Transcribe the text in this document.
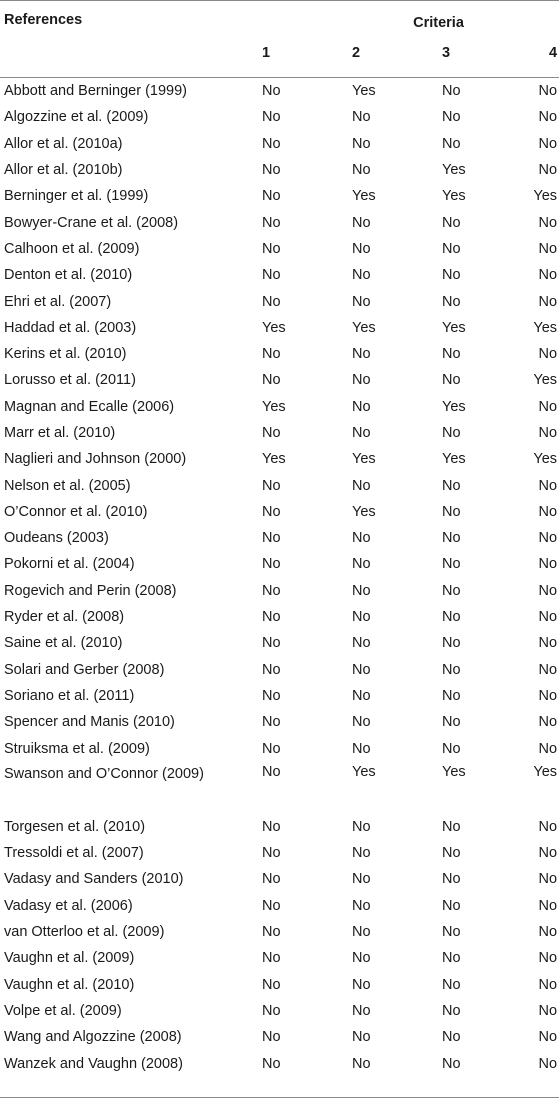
References	Criteria			
	1	2	3	4

Abbott and Berninger (1999)	No	Yes	No	No
Algozzine et al. (2009)	No	No	No	No
Allor et al. (2010a)	No	No	No	No
Allor et al. (2010b)	No	No	Yes	No
Berninger et al. (1999)	No	Yes	Yes	Yes
Bowyer-Crane et al. (2008)	No	No	No	No
Calhoon et al. (2009)	No	No	No	No
Denton et al. (2010)	No	No	No	No
Ehri et al. (2007)	No	No	No	No
Haddad et al. (2003)	Yes	Yes	Yes	Yes
Kerins et al. (2010)	No	No	No	No
Lorusso et al. (2011)	No	No	No	Yes
Magnan and Ecalle (2006)	Yes	No	Yes	No
Marr et al. (2010)	No	No	No	No
Naglieri and Johnson (2000)	Yes	Yes	Yes	Yes
Nelson et al. (2005)	No	No	No	No
O’Connor et al. (2010)	No	Yes	No	No
Oudeans (2003)	No	No	No	No
Pokorni et al. (2004)	No	No	No	No
Rogevich and Perin (2008)	No	No	No	No
Ryder et al. (2008)	No	No	No	No
Saine et al. (2010)	No	No	No	No
Solari and Gerber (2008)	No	No	No	No
Soriano et al. (2011)	No	No	No	No
Spencer and Manis (2010)	No	No	No	No
Struiksma et al. (2009)	No	No	No	No
Swanson and O’Connor (2009)	No	Yes	Yes	Yes
Torgesen et al. (2010)	No	No	No	No
Tressoldi et al. (2007)	No	No	No	No
Vadasy and Sanders (2010)	No	No	No	No
Vadasy et al. (2006)	No	No	No	No
van Otterloo et al. (2009)	No	No	No	No
Vaughn et al. (2009)	No	No	No	No
Vaughn et al. (2010)	No	No	No	No
Volpe et al. (2009)	No	No	No	No
Wang and Algozzine (2008)	No	No	No	No
Wanzek and Vaughn (2008)	No	No	No	No
